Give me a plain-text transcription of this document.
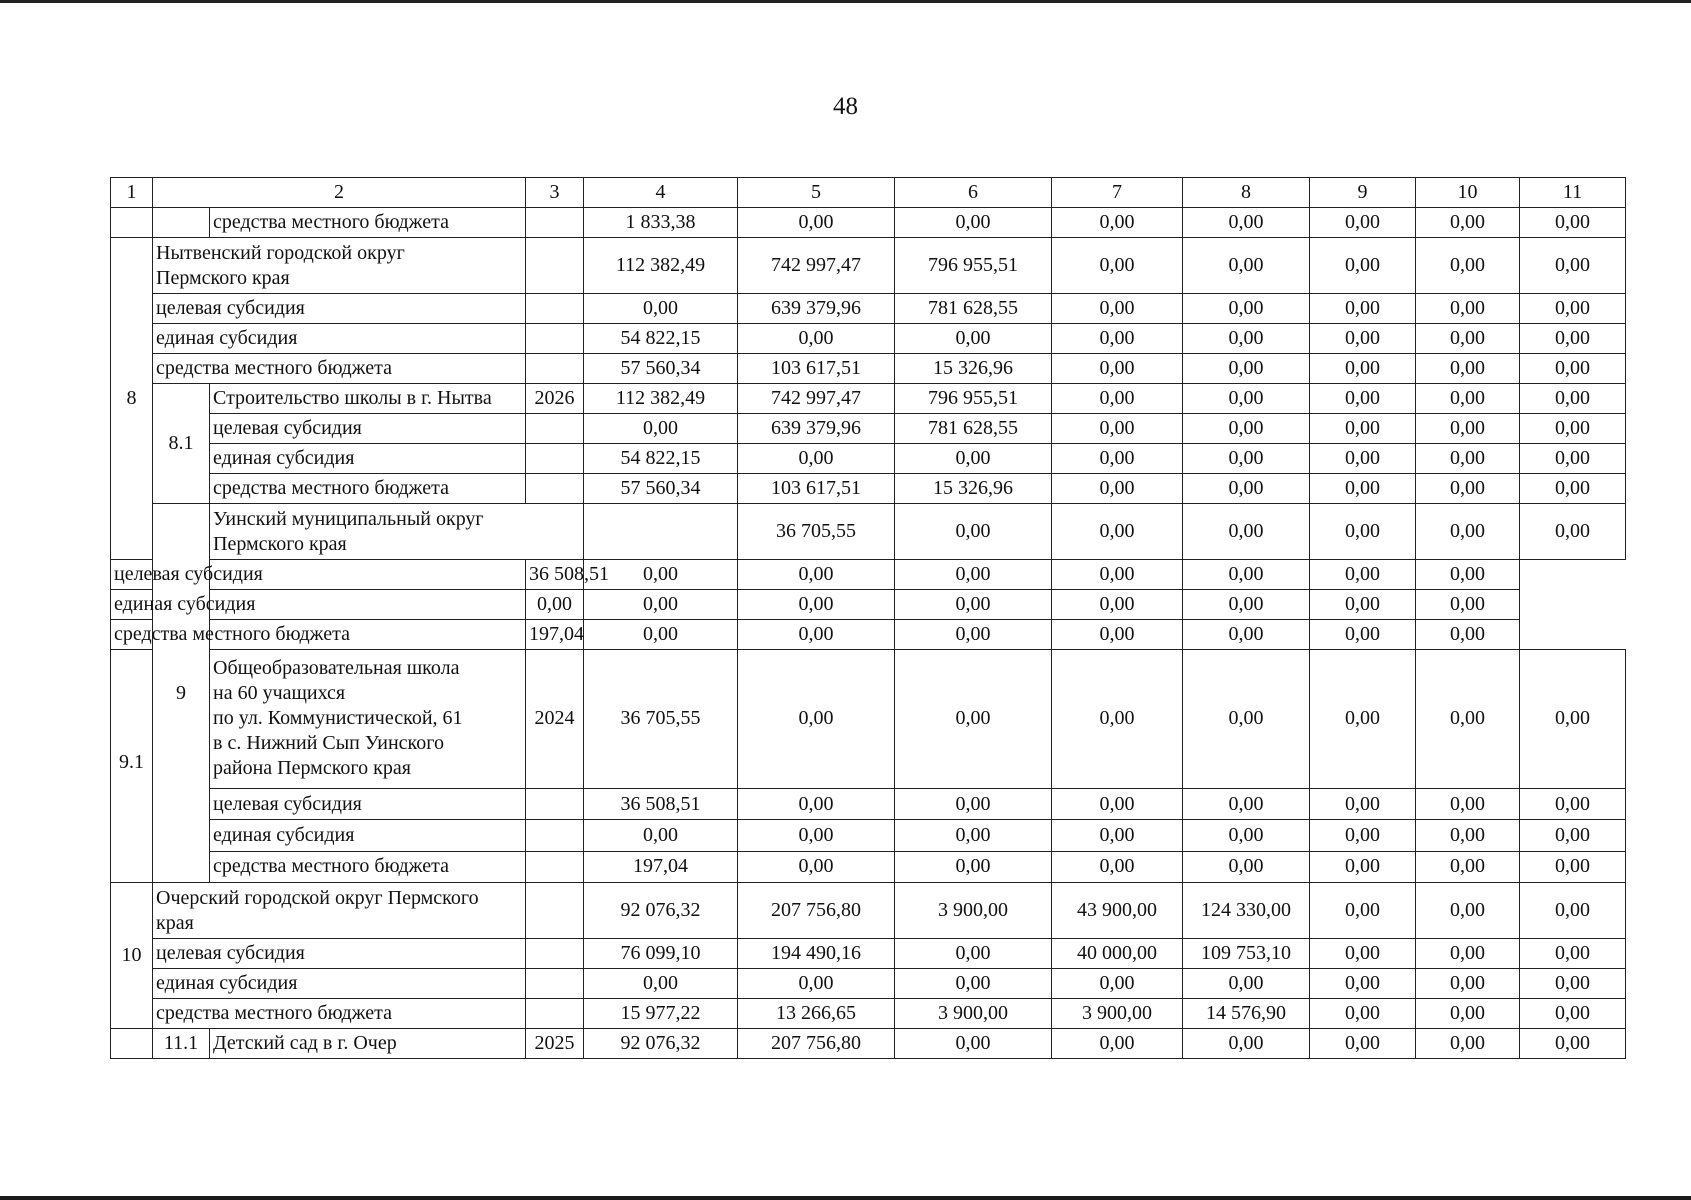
48
1	2		3	4	5	6	7	8	9	10	11	
		средства местного бюджета		1 833,38	0,00	0,00	0,00	0,00	0,00	0,00	0,00	
8	Нытвенский городской округ
Пермского края			112 382,49	742 997,47	796 955,51	0,00	0,00	0,00	0,00	0,00	
	целевая субсидия			0,00	639 379,96	781 628,55	0,00	0,00	0,00	0,00	0,00	
	единая субсидия			54 822,15	0,00	0,00	0,00	0,00	0,00	0,00	0,00	
	средства местного бюджета			57 560,34	103 617,51	15 326,96	0,00	0,00	0,00	0,00	0,00	
	8.1	Строительство школы в г. Нытва	2026	112 382,49	742 997,47	796 955,51	0,00	0,00	0,00	0,00	0,00	
		целевая субсидия		0,00	639 379,96	781 628,55	0,00	0,00	0,00	0,00	0,00	
		единая субсидия		54 822,15	0,00	0,00	0,00	0,00	0,00	0,00	0,00	
		средства местного бюджета		57 560,34	103 617,51	15 326,96	0,00	0,00	0,00	0,00	0,00	
	9	Уинский муниципальный округ
Пермского края			36 705,55	0,00	0,00	0,00	0,00	0,00	0,00	
целевая субсидия			36 508,51	0,00	0,00	0,00	0,00	0,00	0,00	0,00		
единая субсидия			0,00	0,00	0,00	0,00	0,00	0,00	0,00	0,00		
средства местного бюджета			197,04	0,00	0,00	0,00	0,00	0,00	0,00	0,00		
9.1		Общеобразовательная школа
на 60 учащихся
по ул. Коммунистической, 61
в с. Нижний Сып Уинского
района Пермского края	2024	36 705,55	0,00	0,00	0,00	0,00	0,00	0,00	0,00	
		целевая субсидия		36 508,51	0,00	0,00	0,00	0,00	0,00	0,00	0,00	
		единая субсидия		0,00	0,00	0,00	0,00	0,00	0,00	0,00	0,00	
		средства местного бюджета		197,04	0,00	0,00	0,00	0,00	0,00	0,00	0,00	
10	Очерский городской округ Пермского
края			92 076,32	207 756,80	3 900,00	43 900,00	124 330,00	0,00	0,00	0,00	
	целевая субсидия			76 099,10	194 490,16	0,00	40 000,00	109 753,10	0,00	0,00	0,00	
	единая субсидия			0,00	0,00	0,00	0,00	0,00	0,00	0,00	0,00	
	средства местного бюджета			15 977,22	13 266,65	3 900,00	3 900,00	14 576,90	0,00	0,00	0,00	
	11.1	Детский сад в г. Очер	2025	92 076,32	207 756,80	0,00	0,00	0,00	0,00	0,00	0,00	
